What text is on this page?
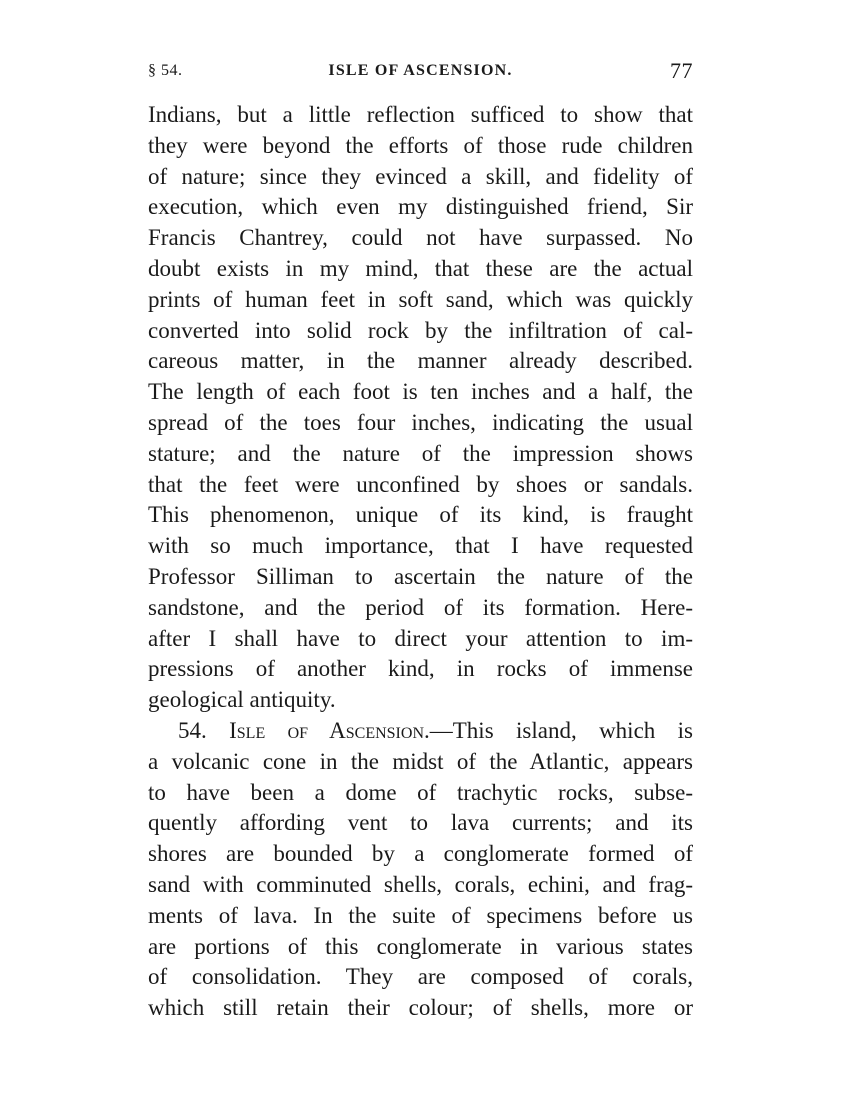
§ 54.	ISLE OF ASCENSION.	77
Indians, but a little reflection sufficed to show that
they were beyond the efforts of those rude children
of nature; since they evinced a skill, and fidelity of
execution, which even my distinguished friend, Sir
Francis Chantrey, could not have surpassed. No
doubt exists in my mind, that these are the actual
prints of human feet in soft sand, which was quickly
converted into solid rock by the infiltration of cal-
careous matter, in the manner already described.
The length of each foot is ten inches and a half, the
spread of the toes four inches, indicating the usual
stature; and the nature of the impression shows
that the feet were unconfined by shoes or sandals.
This phenomenon, unique of its kind, is fraught
with so much importance, that I have requested
Professor Silliman to ascertain the nature of the
sandstone, and the period of its formation. Here-
after I shall have to direct your attention to im-
pressions of another kind, in rocks of immense
geological antiquity.
54. Isle of Ascension.—This island, which is
a volcanic cone in the midst of the Atlantic, appears
to have been a dome of trachytic rocks, subse-
quently affording vent to lava currents; and its
shores are bounded by a conglomerate formed of
sand with comminuted shells, corals, echini, and frag-
ments of lava. In the suite of specimens before us
are portions of this conglomerate in various states
of consolidation. They are composed of corals,
which still retain their colour; of shells, more or
